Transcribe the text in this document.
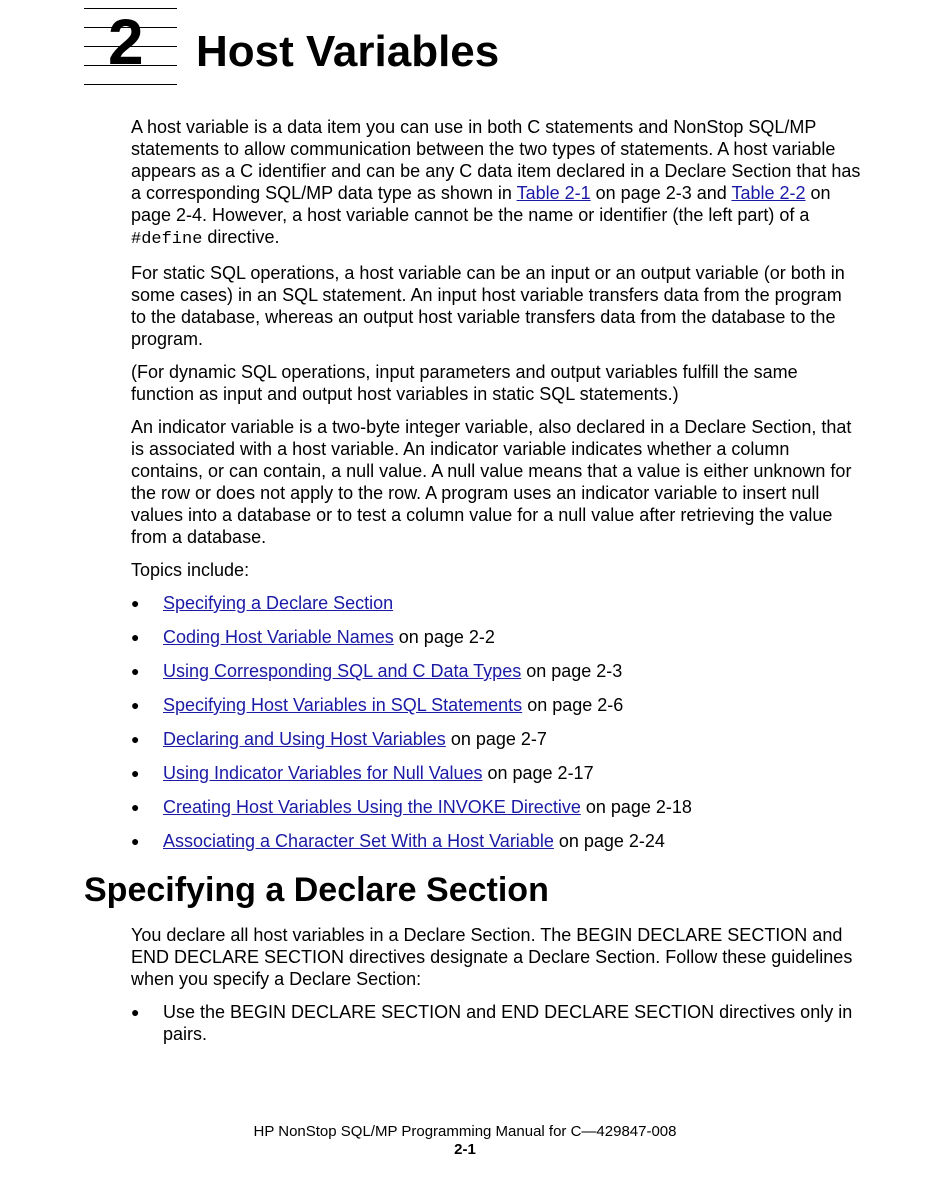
2 Host Variables

A host variable is a data item you can use in both C statements and NonStop SQL/MP statements to allow communication between the two types of statements. A host variable appears as a C identifier and can be any C data item declared in a Declare Section that has a corresponding SQL/MP data type as shown in Table 2-1 on page 2-3 and Table 2-2 on page 2-4. However, a host variable cannot be the name or identifier (the left part) of a #define directive.

For static SQL operations, a host variable can be an input or an output variable (or both in some cases) in an SQL statement. An input host variable transfers data from the program to the database, whereas an output host variable transfers data from the database to the program.

(For dynamic SQL operations, input parameters and output variables fulfill the same function as input and output host variables in static SQL statements.)

An indicator variable is a two-byte integer variable, also declared in a Declare Section, that is associated with a host variable. An indicator variable indicates whether a column contains, or can contain, a null value. A null value means that a value is either unknown for the row or does not apply to the row. A program uses an indicator variable to insert null values into a database or to test a column value for a null value after retrieving the value from a database.

Topics include:

● Specifying a Declare Section
● Coding Host Variable Names on page 2-2
● Using Corresponding SQL and C Data Types on page 2-3
● Specifying Host Variables in SQL Statements on page 2-6
● Declaring and Using Host Variables on page 2-7
● Using Indicator Variables for Null Values on page 2-17
● Creating Host Variables Using the INVOKE Directive on page 2-18
● Associating a Character Set With a Host Variable on page 2-24
Specifying a Declare Section

You declare all host variables in a Declare Section. The BEGIN DECLARE SECTION and END DECLARE SECTION directives designate a Declare Section. Follow these guidelines when you specify a Declare Section:

● Use the BEGIN DECLARE SECTION and END DECLARE SECTION directives only in pairs.
HP NonStop SQL/MP Programming Manual for C—429847-008
2-1
